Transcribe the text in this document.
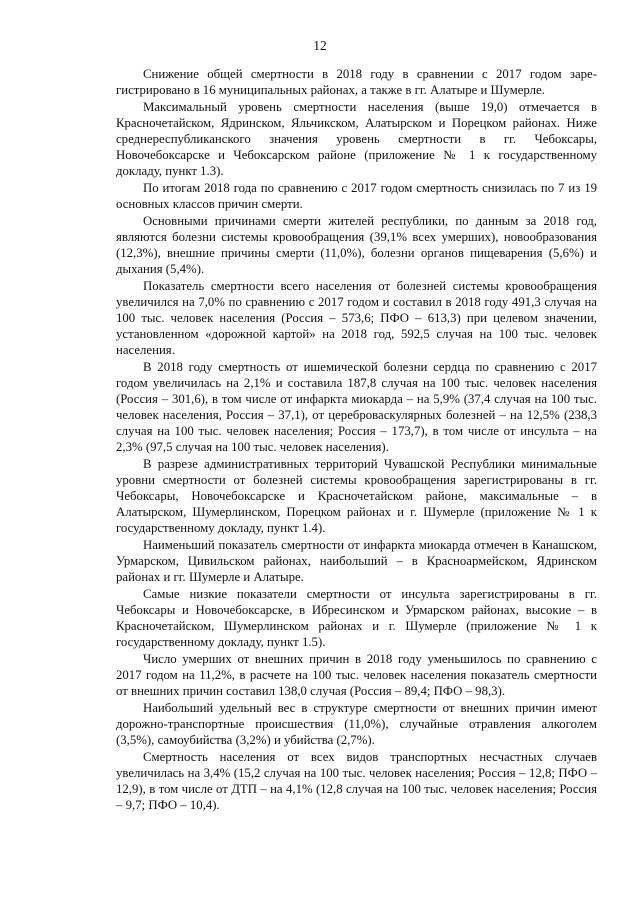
12

Снижение общей смертности в 2018 году в сравнении с 2017 годом зарегистрировано в 16 муниципальных районах, а также в гг. Алатыре и Шумерле.

Максимальный уровень смертности населения (выше 19,0) отмечается в Красночетайском, Ядринском, Яльчикском, Алатырском и Порецком районах. Ниже среднереспубликанского значения уровень смертности в гг. Чебоксары, Новочебоксарске и Чебоксарском районе (приложение № 1 к государственному докладу, пункт 1.3).

По итогам 2018 года по сравнению с 2017 годом смертность снизилась по 7 из 19 основных классов причин смерти.

Основными причинами смерти жителей республики, по данным за 2018 год, являются болезни системы кровообращения (39,1% всех умерших), новообразования (12,3%), внешние причины смерти (11,0%), болезни органов пищеварения (5,6%) и дыхания (5,4%).

Показатель смертности всего населения от болезней системы кровообращения увеличился на 7,0% по сравнению с 2017 годом и составил в 2018 году 491,3 случая на 100 тыс. человек населения (Россия – 573,6; ПФО – 613,3) при целевом значении, установленном «дорожной картой» на 2018 год, 592,5 случая на 100 тыс. человек населения.

В 2018 году смертность от ишемической болезни сердца по сравнению с 2017 годом увеличилась на 2,1% и составила 187,8 случая на 100 тыс. человек населения (Россия – 301,6), в том числе от инфаркта миокарда – на 5,9% (37,4 случая на 100 тыс. человек населения, Россия – 37,1), от цереброваскулярных болезней – на 12,5% (238,3 случая на 100 тыс. человек населения; Россия – 173,7), в том числе от инсульта – на 2,3% (97,5 случая на 100 тыс. человек населения).

В разрезе административных территорий Чувашской Республики минимальные уровни смертности от болезней системы кровообращения зарегистрированы в гг. Чебоксары, Новочебоксарске и Красночетайском районе, максимальные – в Алатырском, Шумерлинском, Порецком районах и г. Шумерле (приложение № 1 к государственному докладу, пункт 1.4).

Наименьший показатель смертности от инфаркта миокарда отмечен в Канашском, Урмарском, Цивильском районах, наибольший – в Красноармейском, Ядринском районах и гг. Шумерле и Алатыре.

Самые низкие показатели смертности от инсульта зарегистрированы в гг. Чебоксары и Новочебоксарске, в Ибресинском и Урмарском районах, высокие – в Красночетайском, Шумерлинском районах и г. Шумерле (приложение № 1 к государственному докладу, пункт 1.5).

Число умерших от внешних причин в 2018 году уменьшилось по сравнению с 2017 годом на 11,2%, в расчете на 100 тыс. человек населения показатель смертности от внешних причин составил 138,0 случая (Россия – 89,4; ПФО – 98,3).

Наибольший удельный вес в структуре смертности от внешних причин имеют дорожно-транспортные происшествия (11,0%), случайные отравления алкоголем (3,5%), самоубийства (3,2%) и убийства (2,7%).

Смертность населения от всех видов транспортных несчастных случаев увеличилась на 3,4% (15,2 случая на 100 тыс. человек населения; Россия – 12,8; ПФО – 12,9), в том числе от ДТП – на 4,1% (12,8 случая на 100 тыс. человек населения; Россия – 9,7; ПФО – 10,4).
